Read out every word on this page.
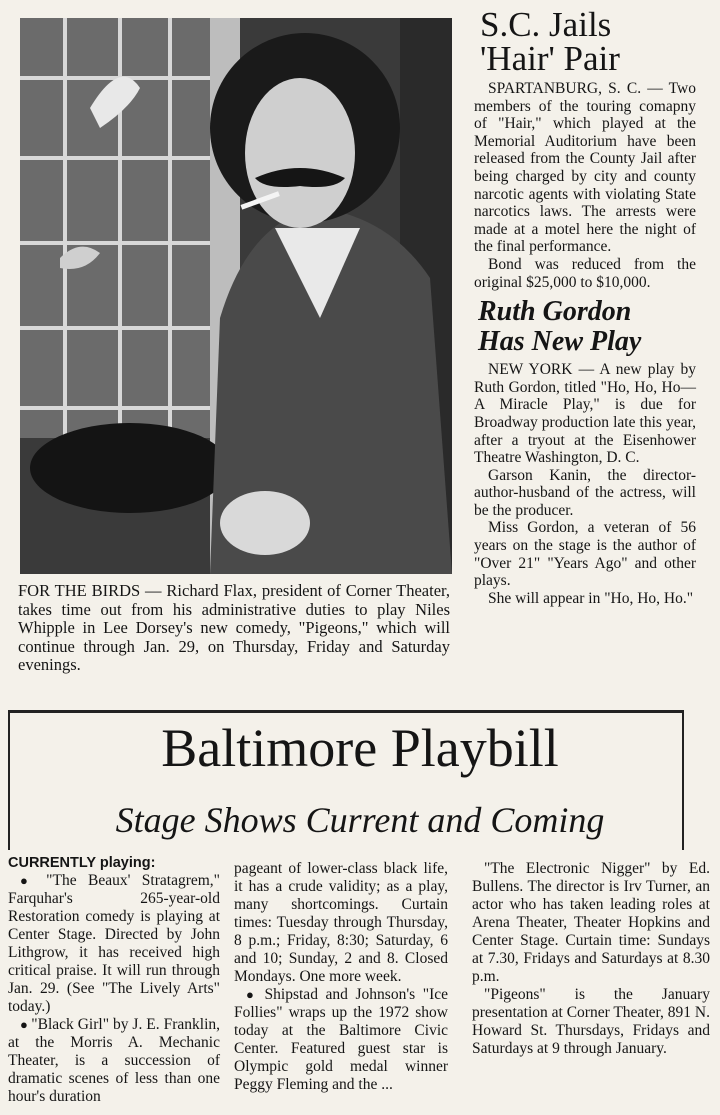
FOR THE BIRDS — Richard Flax, president of Corner Theater, takes time out from his administrative duties to play Niles Whipple in Lee Dorsey's new comedy, "Pigeons," which will continue through Jan. 29, on Thursday, Friday and Saturday evenings.
S.C. Jails
'Hair' Pair

SPARTANBURG, S. C. — Two members of the touring comapny of "Hair," which played at the Memorial Auditorium have been released from the County Jail after being charged by city and county narcotic agents with violating State narcotics laws. The arrests were made at a motel here the night of the final performance.

Bond was reduced from the original $25,000 to $10,000.

Ruth Gordon
Has New Play

NEW YORK — A new play by Ruth Gordon, titled "Ho, Ho, Ho—A Miracle Play," is due for Broadway production late this year, after a tryout at the Eisenhower Theatre Washington, D. C.

Garson Kanin, the director-author-husband of the actress, will be the producer.

Miss Gordon, a veteran of 56 years on the stage is the author of "Over 21" "Years Ago" and other plays.

She will appear in "Ho, Ho, Ho."

Baltimore Playbill
Stage Shows Current and Coming

CURRENTLY playing:

● "The Beaux' Stratagrem," Farquhar's 265-year-old Restoration comedy is playing at Center Stage. Directed by John Lithgrow, it has received high critical praise. It will run through Jan. 29. (See "The Lively Arts" today.)

● "Black Girl" by J. E. Franklin, at the Morris A. Mechanic Theater, is a succession of dramatic scenes of less than one hour's duration

pageant of lower-class black life, it has a crude validity; as a play, many shortcomings. Curtain times: Tuesday through Thursday, 8 p.m.; Friday, 8:30; Saturday, 6 and 10; Sunday, 2 and 8. Closed Mondays. One more week.

● Shipstad and Johnson's "Ice Follies" wraps up the 1972 show today at the Baltimore Civic Center. Featured guest star is Olympic gold medal winner Peggy Fleming and the ...

"The Electronic Nigger" by Ed. Bullens. The director is Irv Turner, an actor who has taken leading roles at Arena Theater, Theater Hopkins and Center Stage. Curtain time: Sundays at 7.30, Fridays and Saturdays at 8.30 p.m.

"Pigeons" is the January presentation at Corner Theater, 891 N. Howard St. Thursdays, Fridays and Saturdays at 9 through January.
